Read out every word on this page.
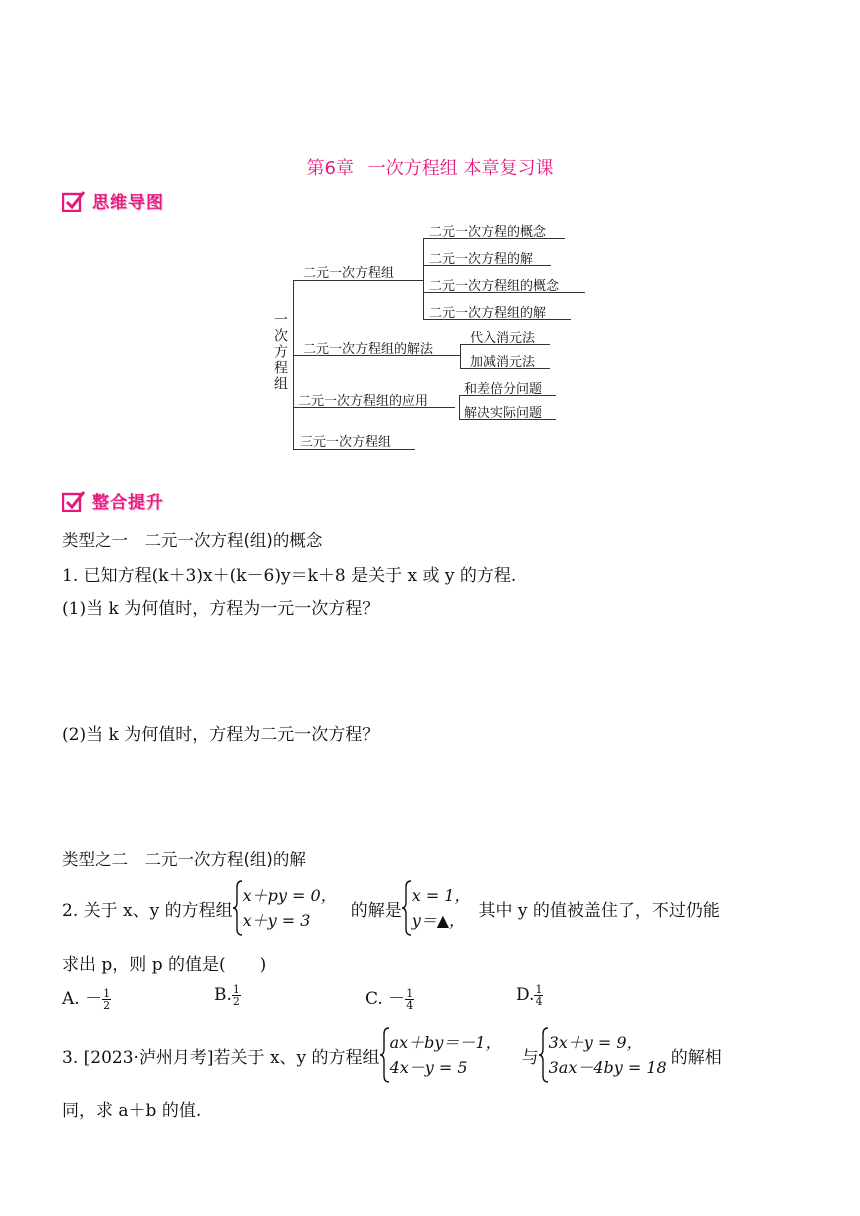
第6章 一次方程组 本章复习课
思维导图
一次方程组
二元一次方程组
二元一次方程的概念
二元一次方程的解
二元一次方程组的概念
二元一次方程组的解
二元一次方程组的解法
代入消元法
加减消元法
二元一次方程组的应用
和差倍分问题
解决实际问题
三元一次方程组
整合提升
类型之一　二元一次方程(组)的概念
1. 已知方程(k＋3)x＋(k－6)y＝k＋8 是关于 x 或 y 的方程.
(1)当 k 为何值时，方程为一元一次方程？
(2)当 k 为何值时，方程为二元一次方程？
类型之二　二元一次方程(组)的解
2. 关于 x、y 的方程组
x＋py = 0，
x＋y = 3	的解是
x = 1，
y＝▲， 其中 y 的值被盖住了，不过仍能
求出 p，则 p 的值是(　　)
A. － $\frac{1}{2}$	B. $\frac{1}{2}$	C. － $\frac{1}{4}$	D. $\frac{1}{4}$
3. [2023·泸州月考]若关于 x、y 的方程组
ax＋by＝－1，
4x－y = 5	与
3x＋y = 9，
3ax－4by = 18 的解相
同，求 a＋b 的值.
